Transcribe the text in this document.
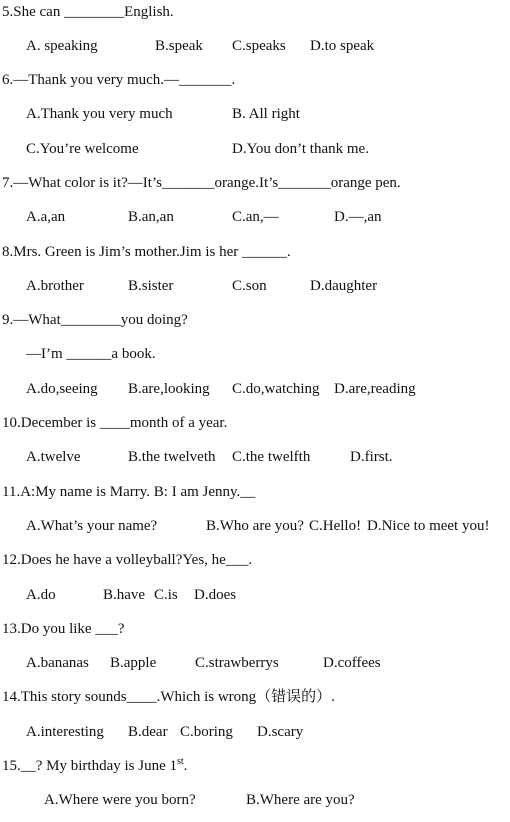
5.She can ________English.
A. speaking	B.speak C.speaks D.to speak
6.—Thank you very much.—_______.
A.Thank you very much	B. All right
C.You’re welcome	D.You don’t thank me.
7.—What color is it?—It’s_______orange.It’s_______orange pen.
A.a,an	B.an,an	C.an,—	D.—,an
8.Mrs. Green is Jim’s mother.Jim is her ______.
A.brother	B.sister	C.son	D.daughter
9.—What________you doing?
—I’m ______a book.
A.do,seeing B.are,looking C.do,watching D.are,reading
10.December is ____month of a year.
A.twelve	B.the twelveth C.the twelfth	D.first.
11.A:My name is Marry. B: I am Jenny.__
A.What’s your name?	B.Who are you? C.Hello! D.Nice to meet you!
12.Does he have a volleyball?Yes, he___.
A.do	B.have C.is D.does
13.Do you like ___?
A.bananas B.apple	C.strawberrys	D.coffees
14.This story sounds____.Which is wrong（错误的）.
A.interesting B.dear C.boring D.scary
15.__? My birthday is June 1st.
A.Where were you born?	B.Where are you?
